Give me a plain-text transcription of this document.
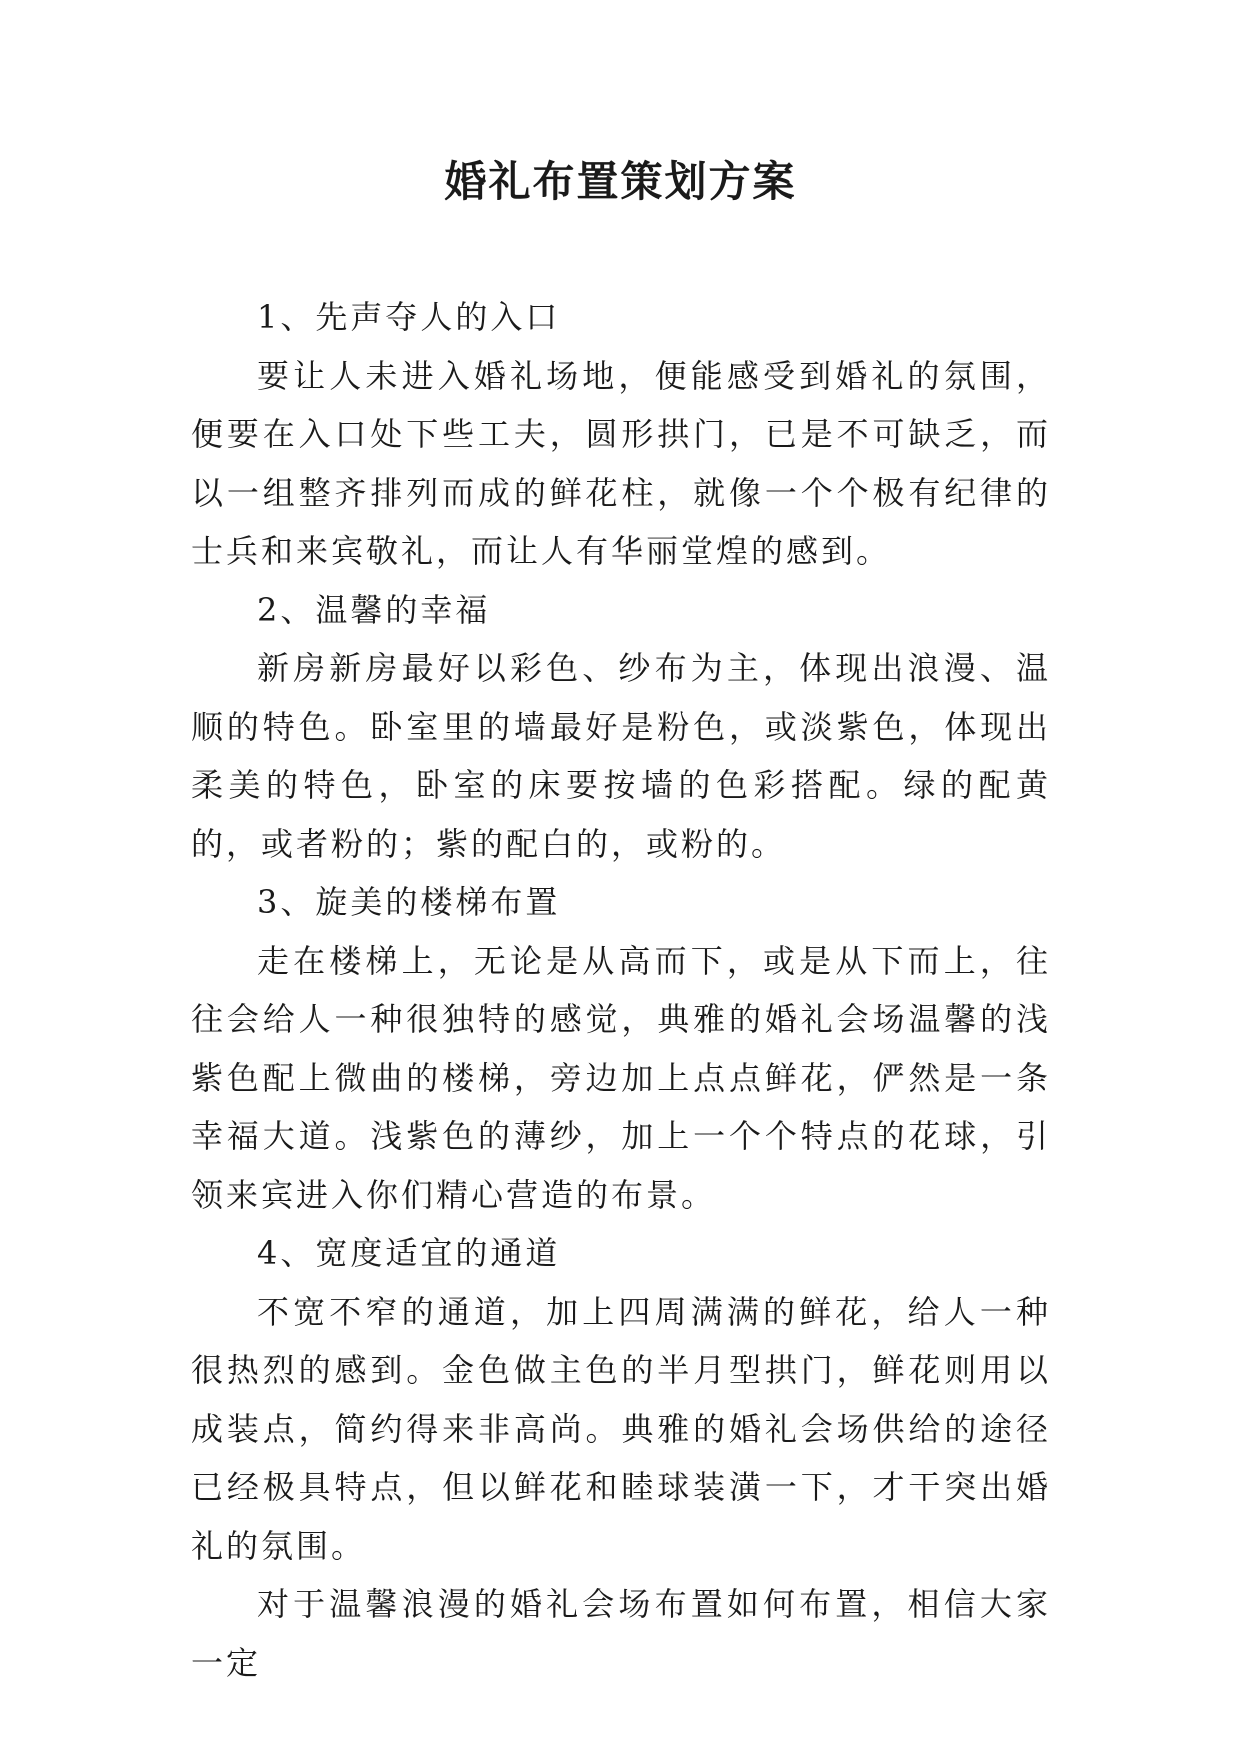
婚礼布置策划方案

1、先声夺人的入口

要让人未进入婚礼场地，便能感受到婚礼的氛围，便要在入口处下些工夫，圆形拱门，已是不可缺乏，而以一组整齐排列而成的鲜花柱，就像一个个极有纪律的士兵和来宾敬礼，而让人有华丽堂煌的感到。

2、温馨的幸福

新房新房最好以彩色、纱布为主，体现出浪漫、温顺的特色。卧室里的墙最好是粉色，或淡紫色，体现出柔美的特色，卧室的床要按墙的色彩搭配。绿的配黄的，或者粉的；紫的配白的，或粉的。

3、旋美的楼梯布置

走在楼梯上，无论是从高而下，或是从下而上，往往会给人一种很独特的感觉，典雅的婚礼会场温馨的浅紫色配上微曲的楼梯，旁边加上点点鲜花，俨然是一条幸福大道。浅紫色的薄纱，加上一个个特点的花球，引领来宾进入你们精心营造的布景。

4、宽度适宜的通道

不宽不窄的通道，加上四周满满的鲜花，给人一种很热烈的感到。金色做主色的半月型拱门，鲜花则用以成装点，简约得来非高尚。典雅的婚礼会场供给的途径已经极具特点，但以鲜花和睦球装潢一下，才干突出婚礼的氛围。

对于温馨浪漫的婚礼会场布置如何布置，相信大家一定
